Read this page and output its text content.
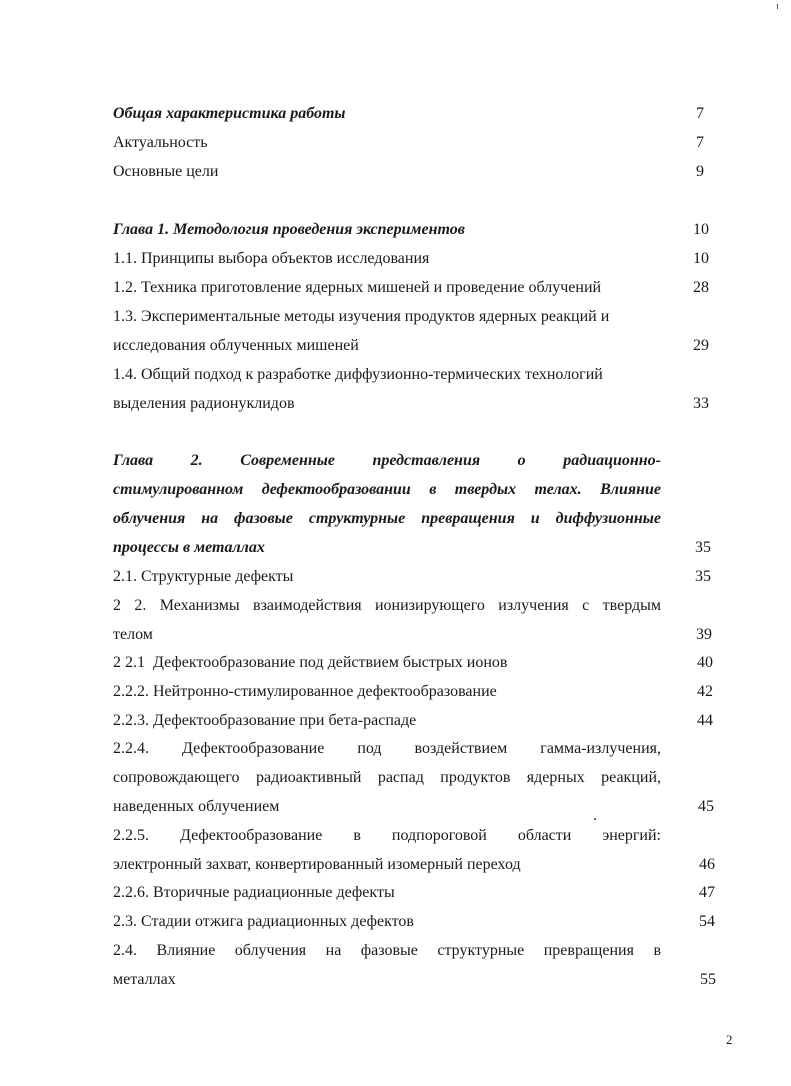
Общая характеристика работы	7
Актуальность	7
Основные цели	9
Глава 1. Методология проведения экспериментов	10
1.1. Принципы выбора объектов исследования	10
1.2. Техника приготовление ядерных мишеней и проведение облучений	28
1.3. Экспериментальные методы изучения продуктов ядерных реакций и
исследования облученных мишеней	29
1.4. Общий подход к разработке диффузионно-термических технологий
выделения радионуклидов	33
Глава 2. Современные представления о радиационно-
стимулированном дефектообразовании в твердых телах. Влияние
облучения на фазовые структурные превращения и диффузионные
процессы в металлах	35
2.1. Структурные дефекты	35
2 2. Механизмы взаимодействия ионизирующего излучения с твердым
телом	39
2 2.1  Дефектообразование под действием быстрых ионов	40
2.2.2. Нейтронно-стимулированное дефектообразование	42
2.2.3. Дефектообразование при бета-распаде	44
2.2.4. Дефектообразование под воздействием гамма-излучения,
сопровождающего радиоактивный распад продуктов ядерных реакций,
наведенных облучением	45
2.2.5. Дефектообразование в подпороговой области энергий:
электронный захват, конвертированный изомерный переход	46
2.2.6. Вторичные радиационные дефекты	47
2.3. Стадии отжига радиационных дефектов	54
2.4. Влияние облучения на фазовые структурные превращения в
металлах	55
2
